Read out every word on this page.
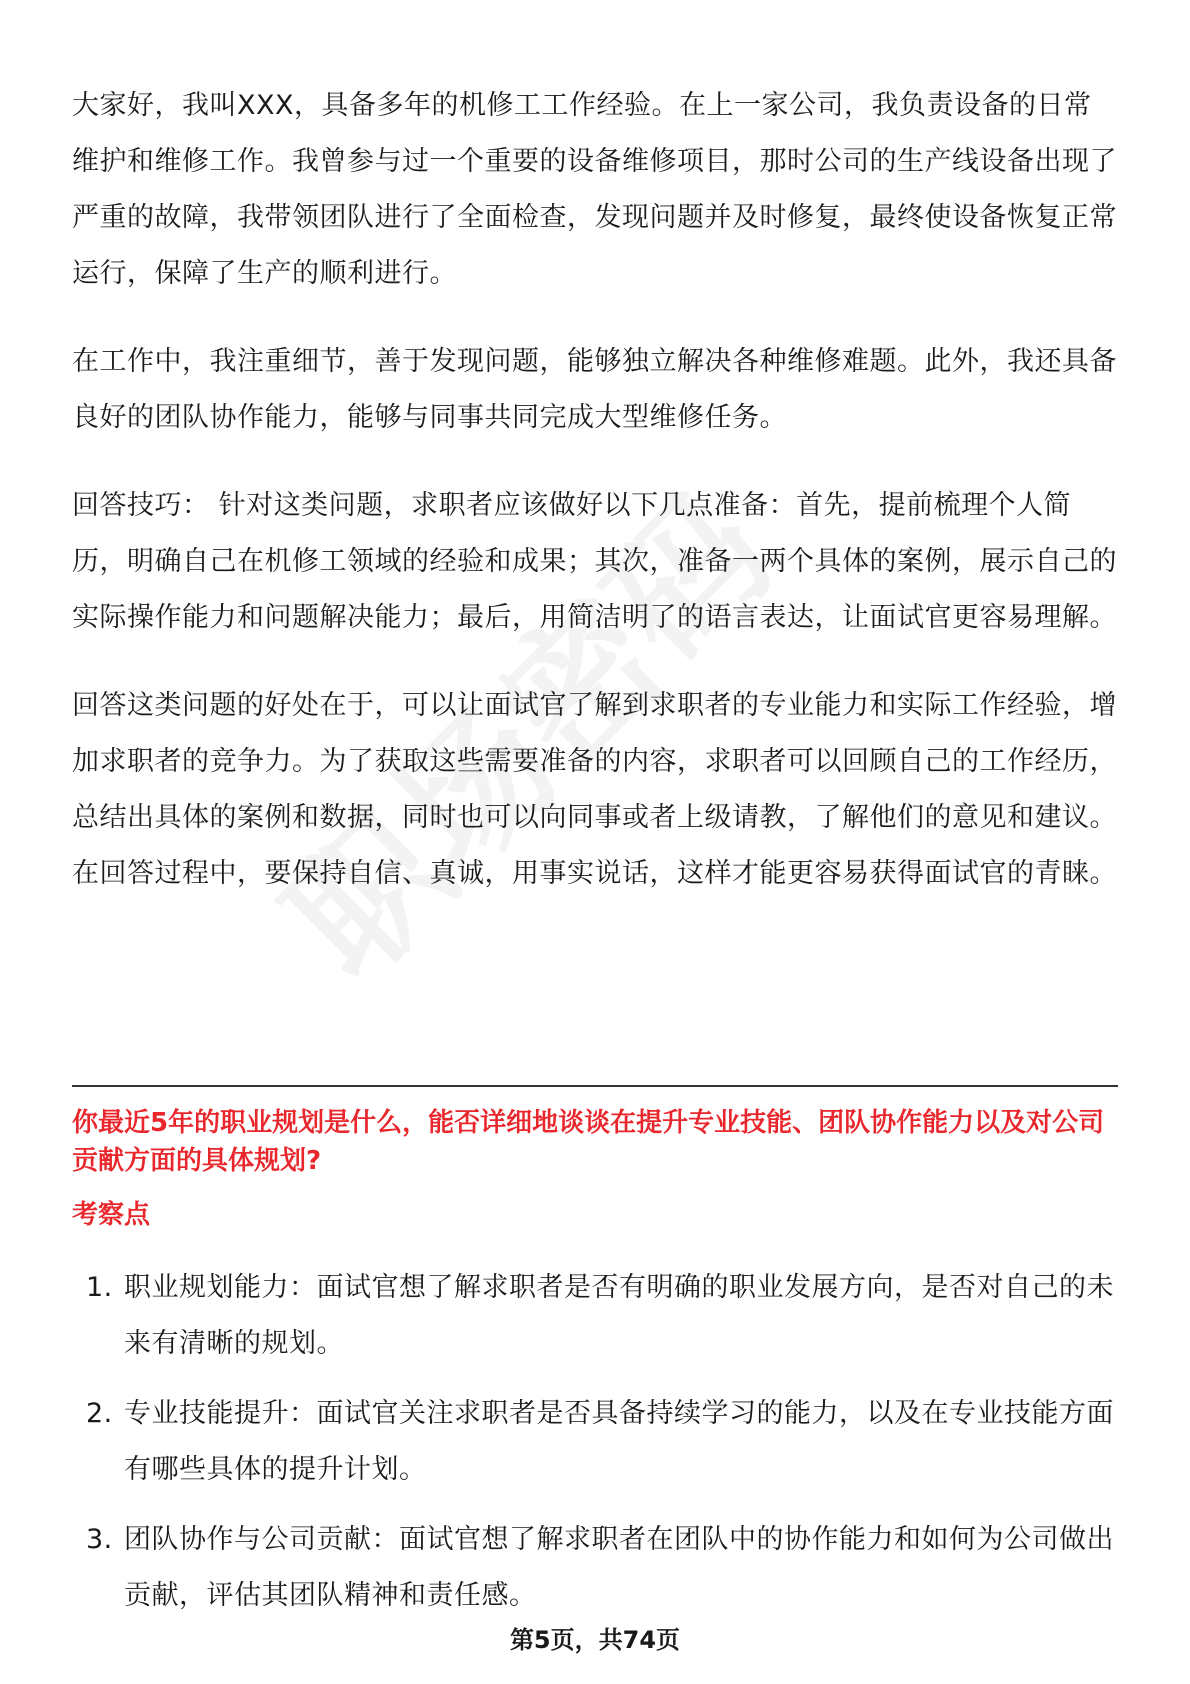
大家好，我叫XXX，具备多年的机修工工作经验。在上一家公司，我负责设备的日常维护和维修工作。我曾参与过一个重要的设备维修项目，那时公司的生产线设备出现了严重的故障，我带领团队进行了全面检查，发现问题并及时修复，最终使设备恢复正常运行，保障了生产的顺利进行。

在工作中，我注重细节，善于发现问题，能够独立解决各种维修难题。此外，我还具备良好的团队协作能力，能够与同事共同完成大型维修任务。

回答技巧： 针对这类问题，求职者应该做好以下几点准备：首先，提前梳理个人简历，明确自己在机修工领域的经验和成果；其次，准备一两个具体的案例，展示自己的实际操作能力和问题解决能力；最后，用简洁明了的语言表达，让面试官更容易理解。

回答这类问题的好处在于，可以让面试官了解到求职者的专业能力和实际工作经验，增加求职者的竞争力。为了获取这些需要准备的内容，求职者可以回顾自己的工作经历，总结出具体的案例和数据，同时也可以向同事或者上级请教，了解他们的意见和建议。在回答过程中，要保持自信、真诚，用事实说话，这样才能更容易获得面试官的青睐。

你最近5年的职业规划是什么，能否详细地谈谈在提升专业技能、团队协作能力以及对公司贡献方面的具体规划?
考察点
1. 职业规划能力：面试官想了解求职者是否有明确的职业发展方向，是否对自己的未来有清晰的规划。
2. 专业技能提升：面试官关注求职者是否具备持续学习的能力，以及在专业技能方面有哪些具体的提升计划。
3. 团队协作与公司贡献：面试官想了解求职者在团队中的协作能力和如何为公司做出贡献，评估其团队精神和责任感。
第5页，共74页
